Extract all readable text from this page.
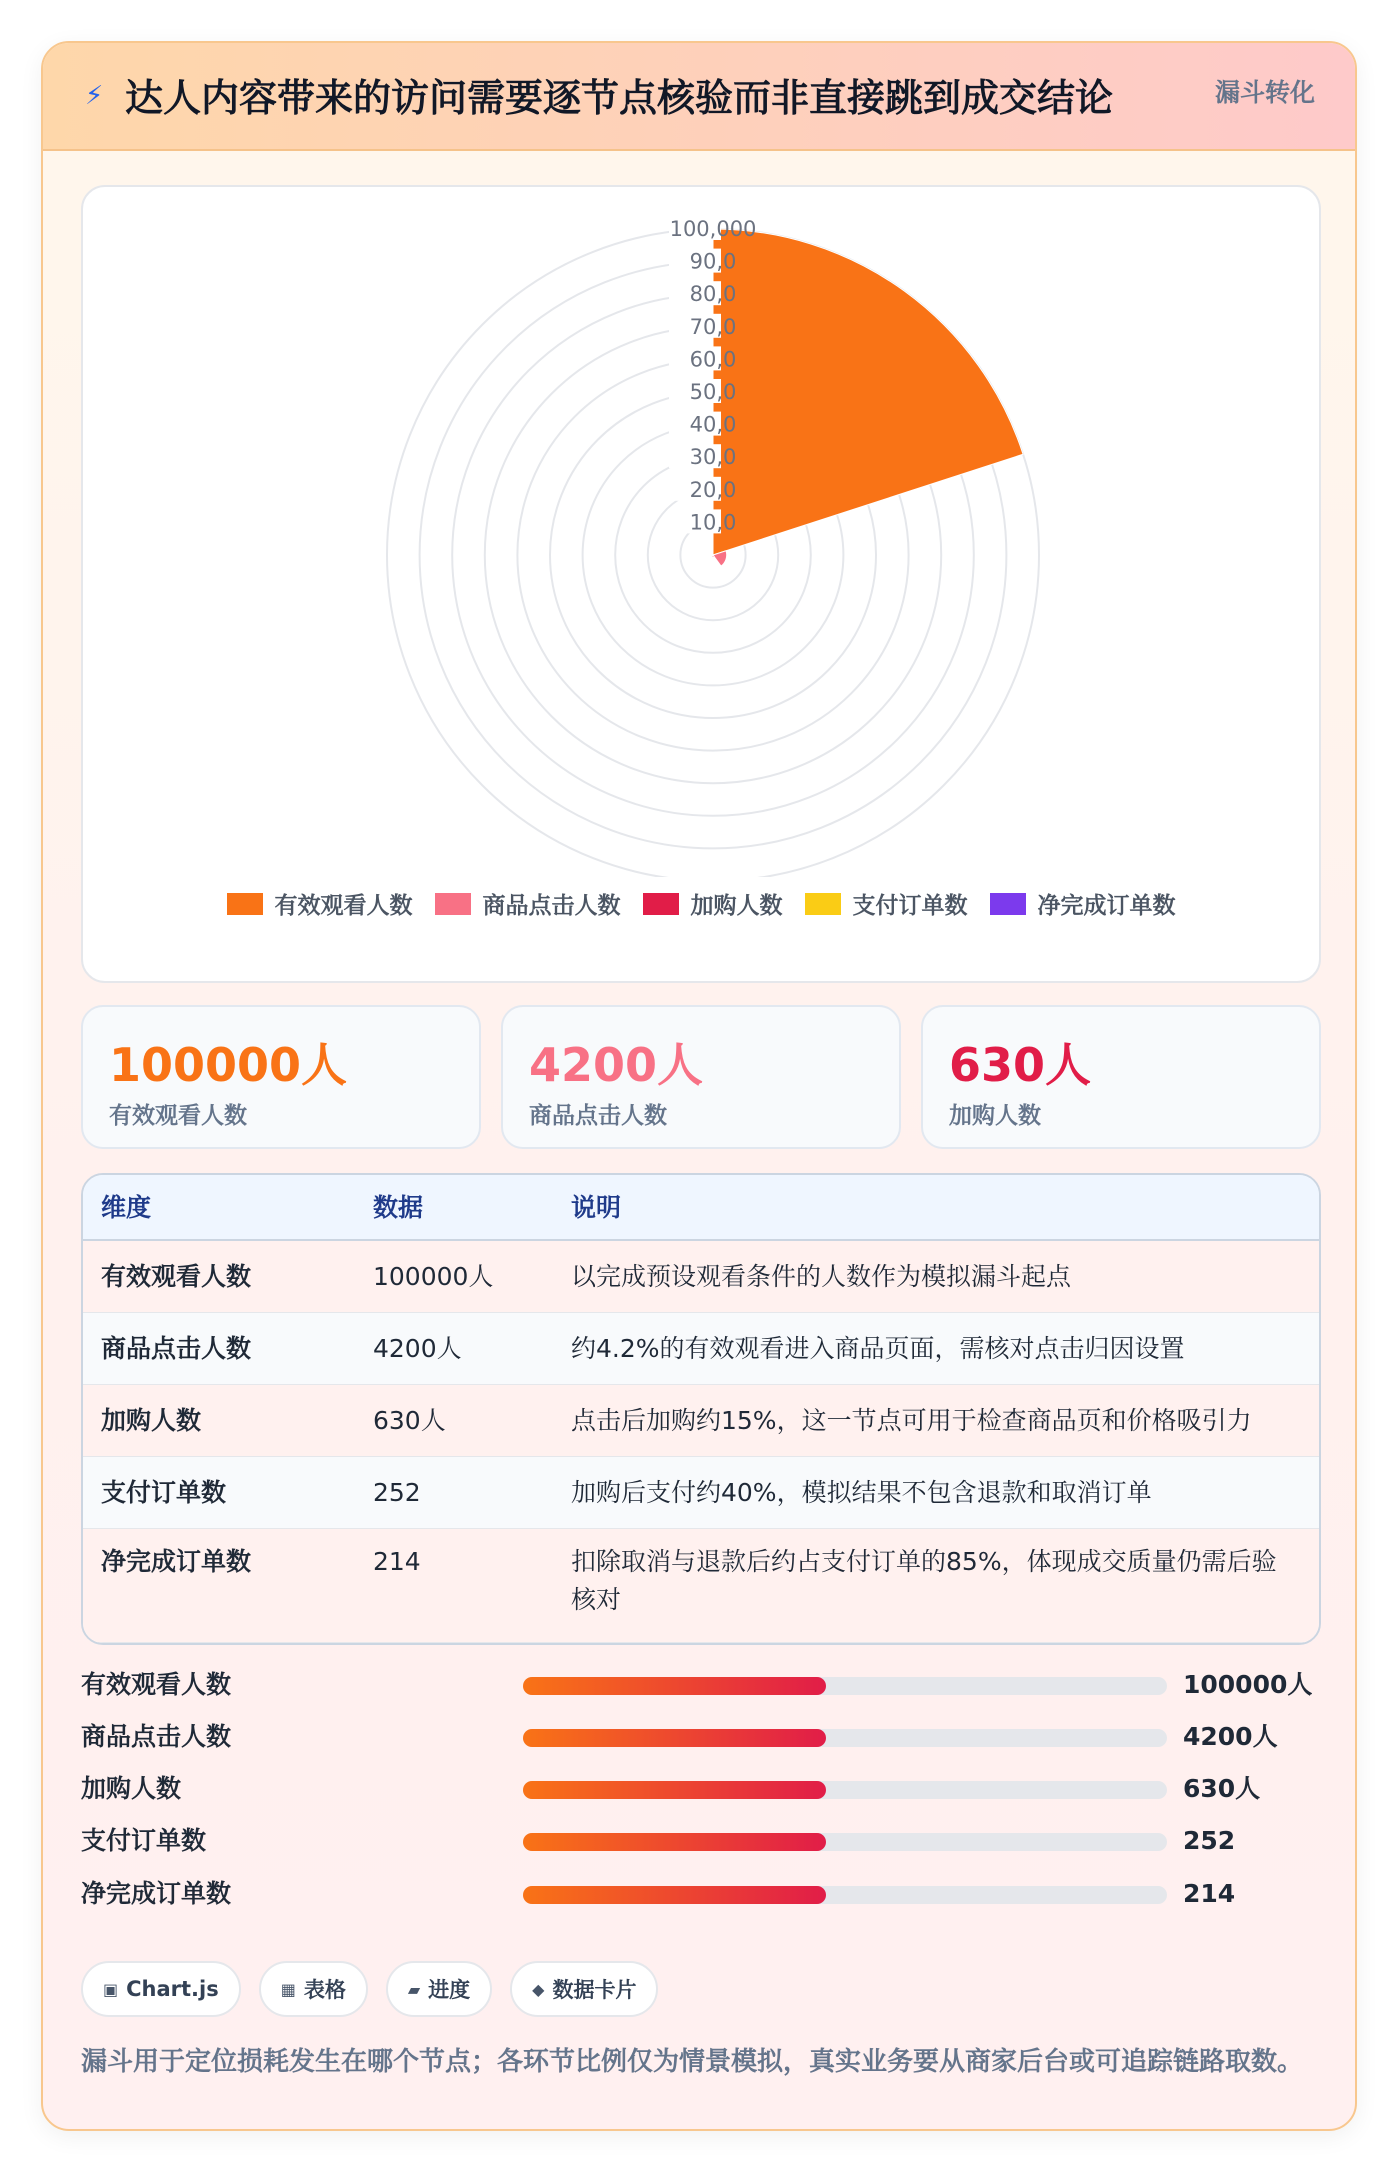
⚡ 达人内容带来的访问需要逐节点核验而非直接跳到成交结论	漏斗转化
10,0
20,0
30,0
40,0
50,0
60,0
70,0
80,0
90,0
100,000
有效观看人数	商品点击人数	加购人数	支付订单数	净完成订单数
100000人
有效观看人数
4200人
商品点击人数
630人
加购人数
维度	数据	说明
有效观看人数	100000人	以完成预设观看条件的人数作为模拟漏斗起点
商品点击人数	4200人	约4.2%的有效观看进入商品页面，需核对点击归因设置
加购人数	630人	点击后加购约15%，这一节点可用于检查商品页和价格吸引力
支付订单数	252	加购后支付约40%，模拟结果不包含退款和取消订单
净完成订单数	214	扣除取消与退款后约占支付订单的85%，体现成交质量仍需后验核对
有效观看人数	100000人
商品点击人数	4200人
加购人数	630人
支付订单数	252
净完成订单数	214
▣ Chart.js	▦ 表格	▰ 进度	◆ 数据卡片
漏斗用于定位损耗发生在哪个节点；各环节比例仅为情景模拟，真实业务要从商家后台或可追踪链路取数。
